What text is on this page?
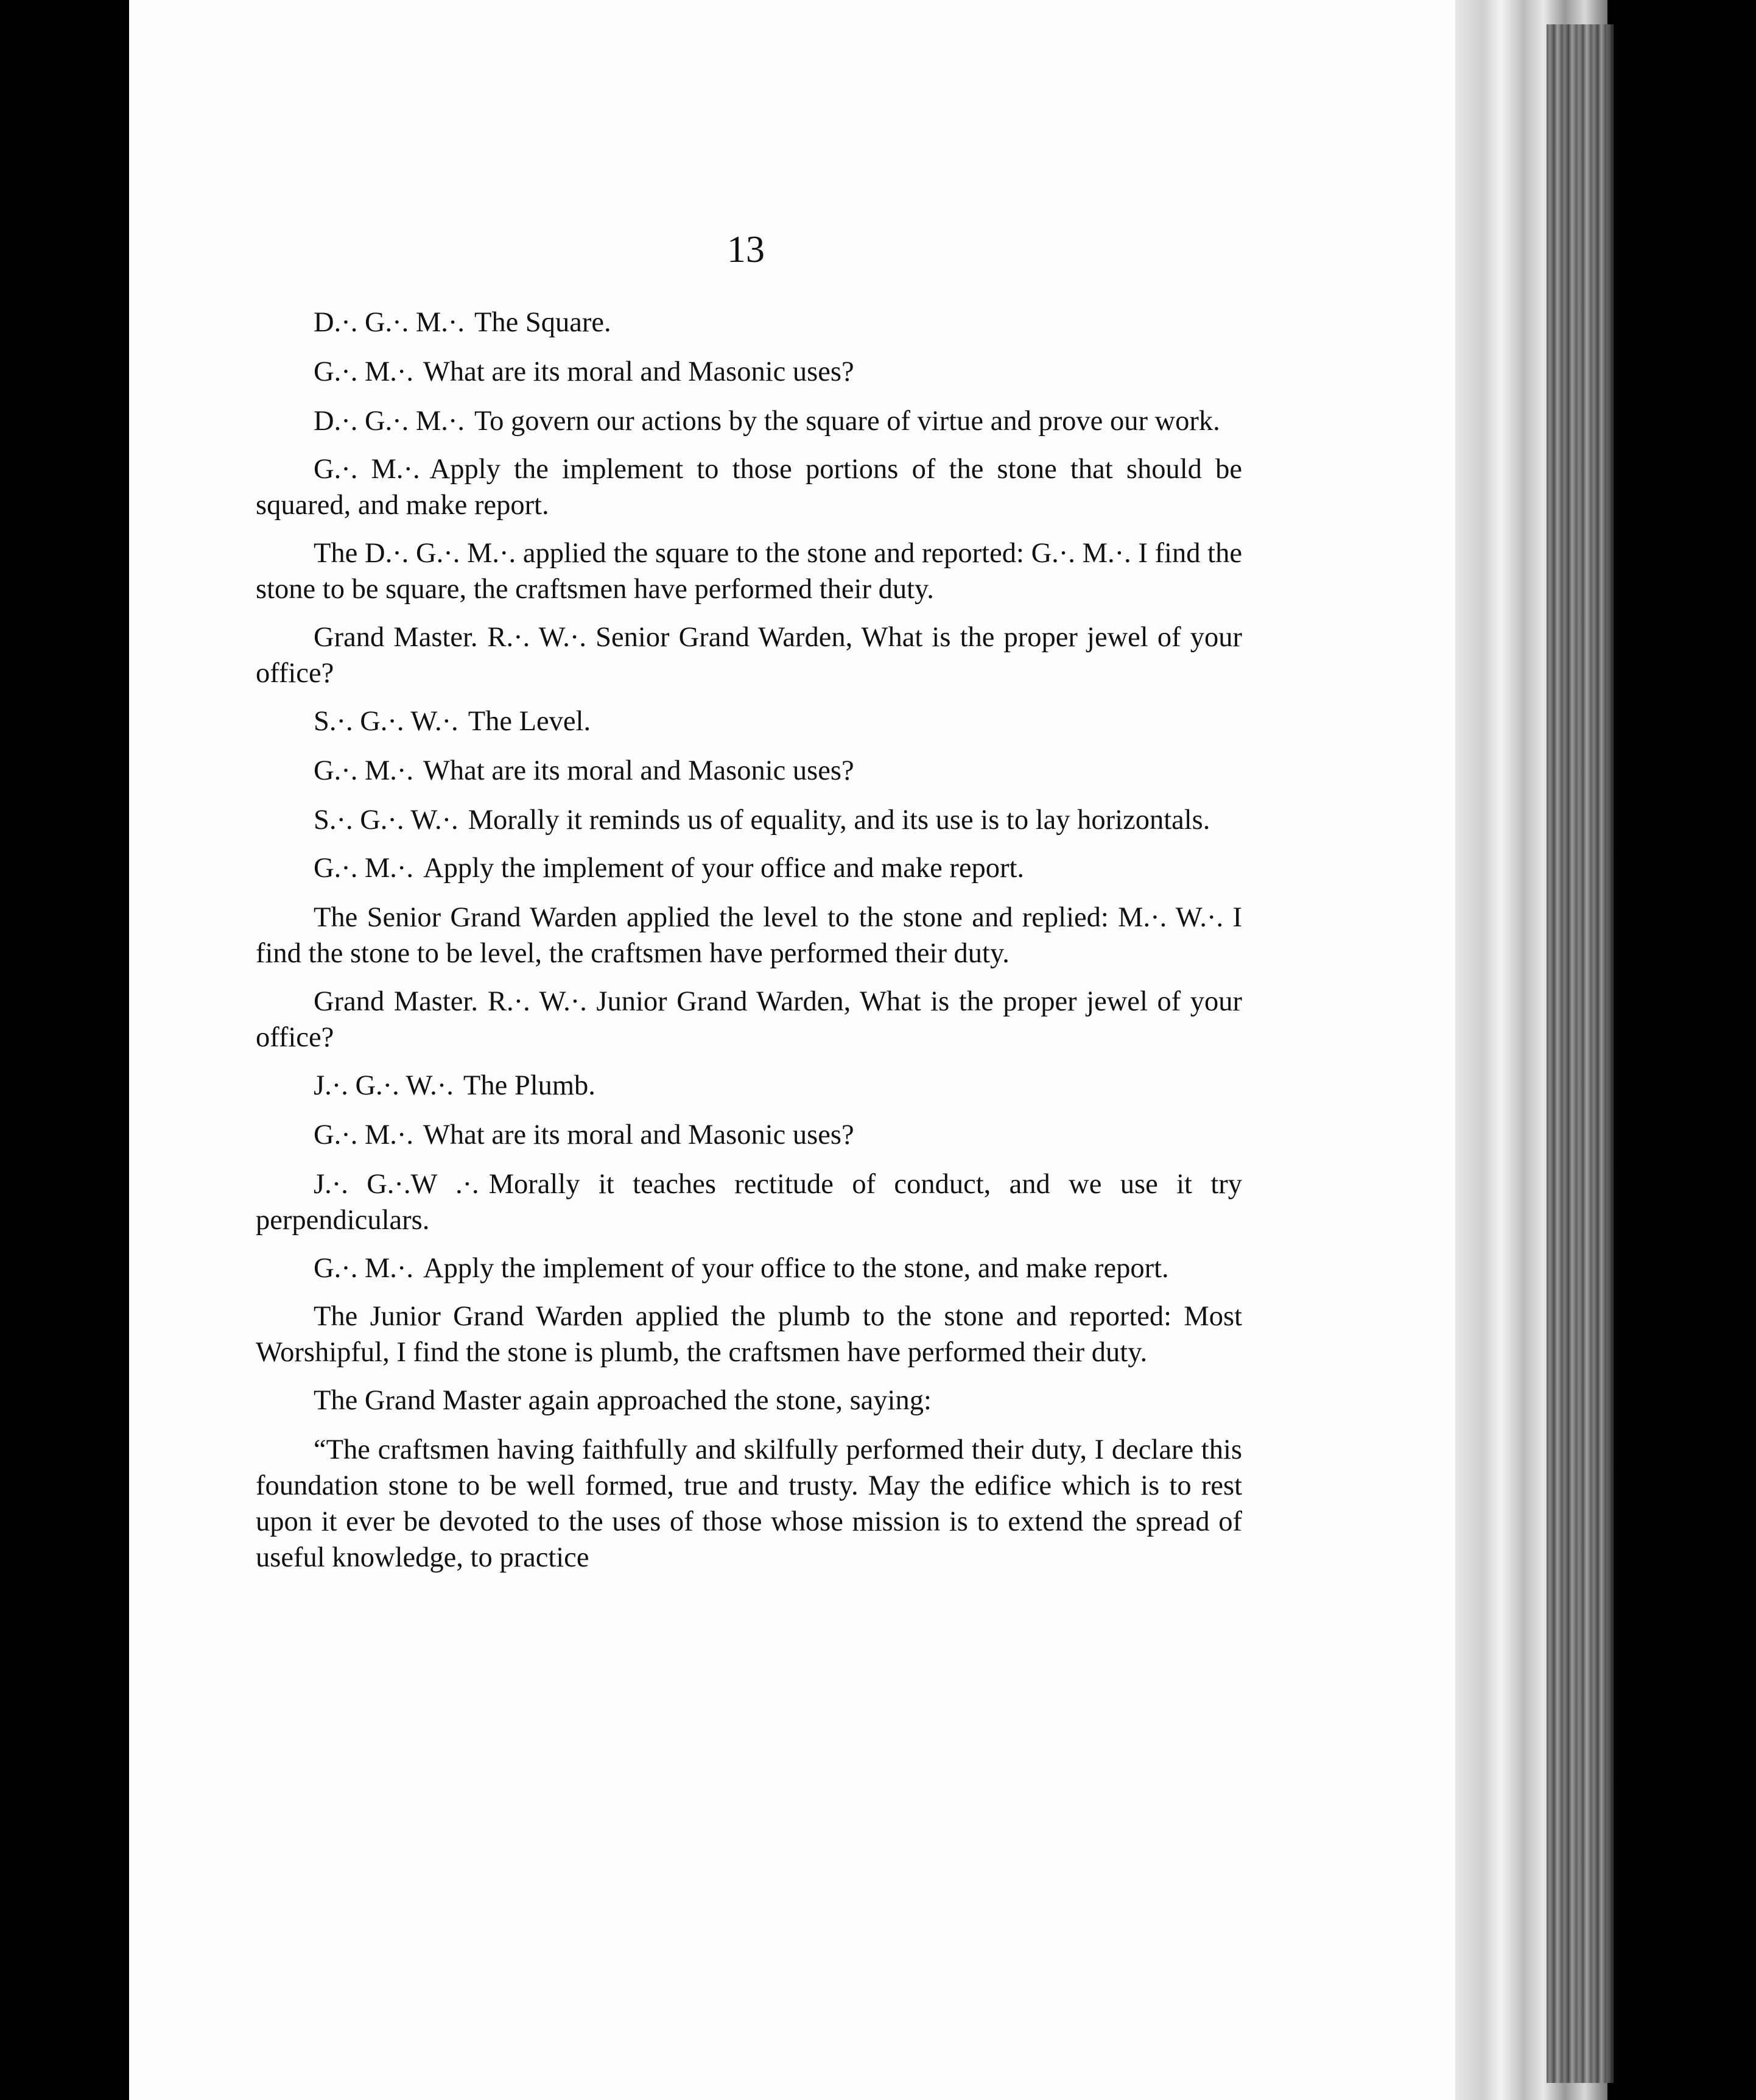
13

D.·. G.·. M.·. The Square.

G.·. M.·. What are its moral and Masonic uses?

D.·. G.·. M.·. To govern our actions by the square of virtue and prove our work.

G.·. M.·. Apply the implement to those portions of the stone that should be squared, and make report.

The D.·. G.·. M.·. applied the square to the stone and reported: G.·. M.·. I find the stone to be square, the craftsmen have performed their duty.

Grand Master. R.·. W.·. Senior Grand Warden, What is the proper jewel of your office?

S.·. G.·. W.·. The Level.

G.·. M.·. What are its moral and Masonic uses?

S.·. G.·. W.·. Morally it reminds us of equality, and its use is to lay horizontals.

G.·. M.·. Apply the implement of your office and make report.

The Senior Grand Warden applied the level to the stone and replied: M.·. W.·. I find the stone to be level, the craftsmen have performed their duty.

Grand Master. R.·. W.·. Junior Grand Warden, What is the proper jewel of your office?

J.·. G.·. W.·. The Plumb.

G.·. M.·. What are its moral and Masonic uses?

J.·. G.·.W .·. Morally it teaches rectitude of conduct, and we use it try perpendiculars.

G.·. M.·. Apply the implement of your office to the stone, and make report.

The Junior Grand Warden applied the plumb to the stone and reported: Most Worshipful, I find the stone is plumb, the craftsmen have performed their duty.

The Grand Master again approached the stone, saying:

“The craftsmen having faithfully and skilfully performed their duty, I declare this foundation stone to be well formed, true and trusty. May the edifice which is to rest upon it ever be devoted to the uses of those whose mission is to extend the spread of useful knowledge, to practice
